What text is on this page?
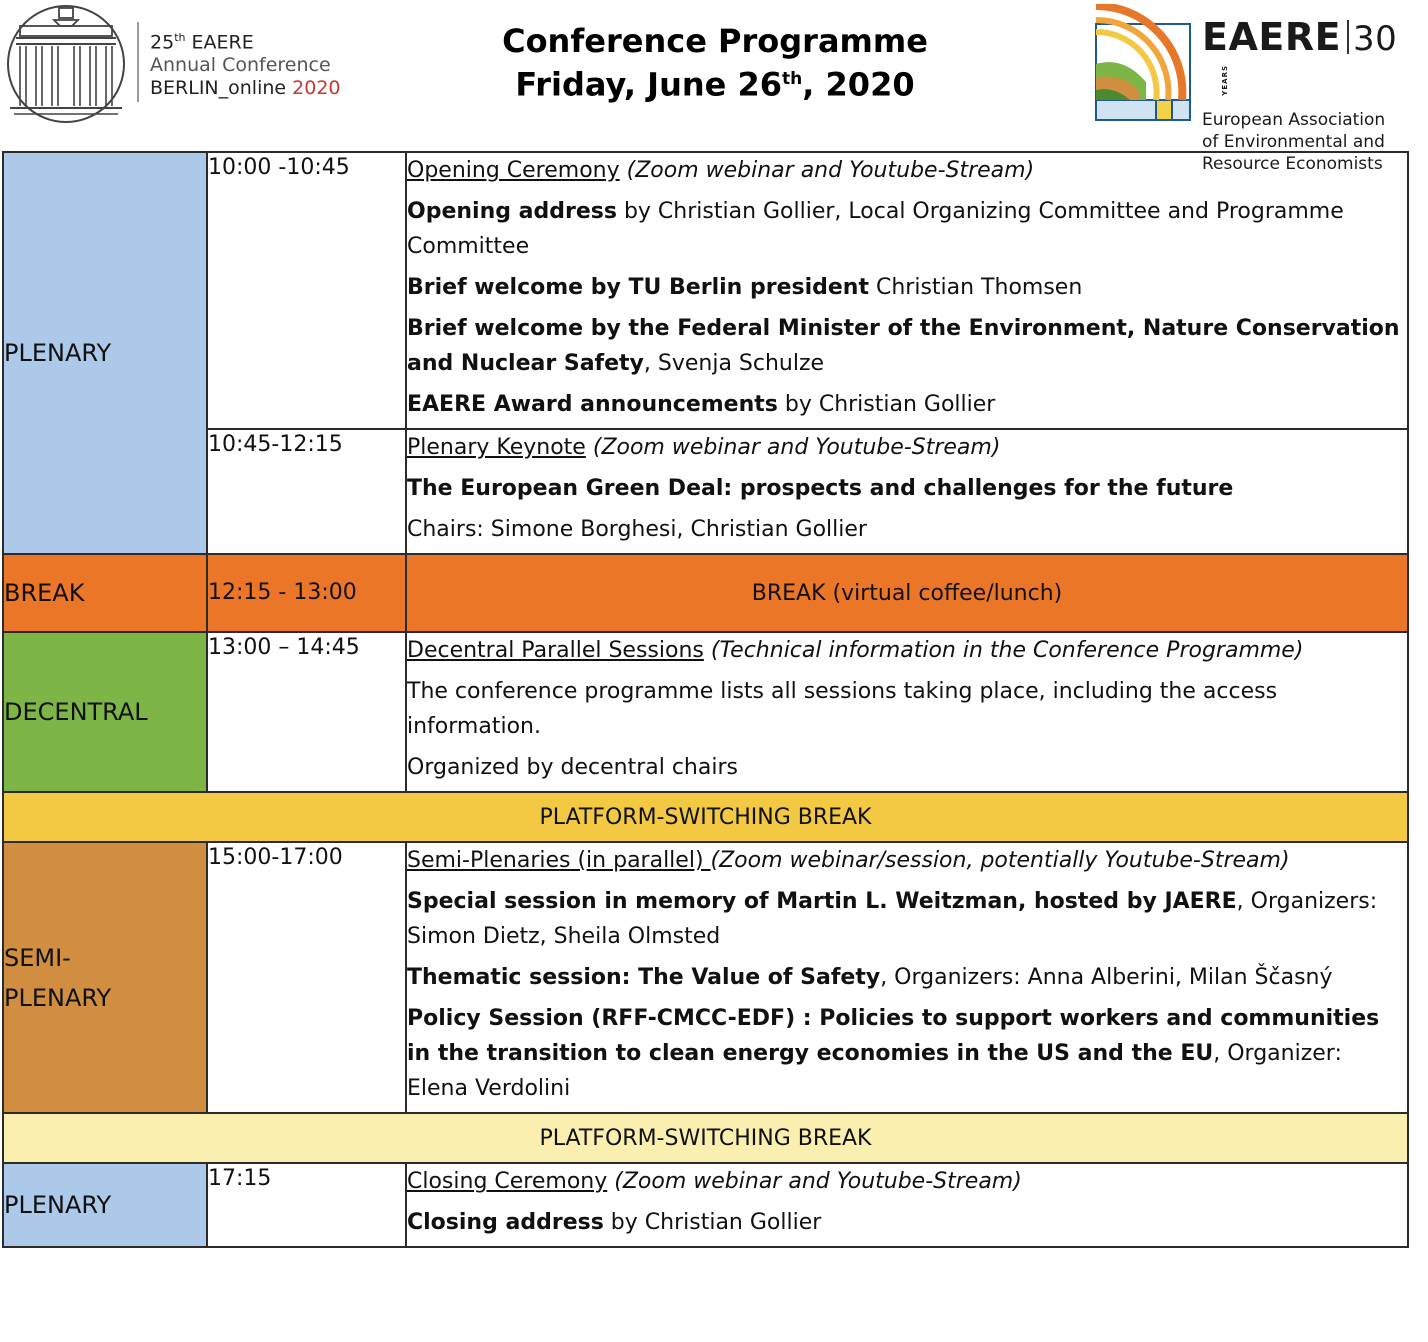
25th EAERE
Annual Conference
BERLIN_online 2020
Conference Programme
Friday, June 26th, 2020
EAERE 30YEARS
European Association
of Environmental and
Resource Economists
PLENARY	10:00 -10:45	Opening Ceremony (Zoom webinar and Youtube-Stream)

Opening address by Christian Gollier, Local Organizing Committee and Programme Committee

Brief welcome by TU Berlin president Christian Thomsen

Brief welcome by the Federal Minister of the Environment, Nature Conservation and Nuclear Safety, Svenja Schulze

EAERE Award announcements by Christian Gollier

	10:45-12:15	Plenary Keynote (Zoom webinar and Youtube-Stream)

The European Green Deal: prospects and challenges for the future

Chairs: Simone Borghesi, Christian Gollier

BREAK	12:15 - 13:00	BREAK (virtual coffee/lunch)
DECENTRAL	13:00 – 14:45	Decentral Parallel Sessions (Technical information in the Conference Programme)

The conference programme lists all sessions taking place, including the access information.

Organized by decentral chairs

PLATFORM-SWITCHING BREAK		

SEMI-PLENARY	15:00-17:00	Semi-Plenaries (in parallel) (Zoom webinar/session, potentially Youtube-Stream)

Special session in memory of Martin L. Weitzman, hosted by JAERE, Organizers: Simon Dietz, Sheila Olmsted

Thematic session: The Value of Safety, Organizers: Anna Alberini, Milan Ščasný

Policy Session (RFF-CMCC-EDF) : Policies to support workers and communities in the transition to clean energy economies in the US and the EU, Organizer: Elena Verdolini

PLATFORM-SWITCHING BREAK		
PLENARY	17:15	Closing Ceremony (Zoom webinar and Youtube-Stream)

Closing address by Christian Gollier
